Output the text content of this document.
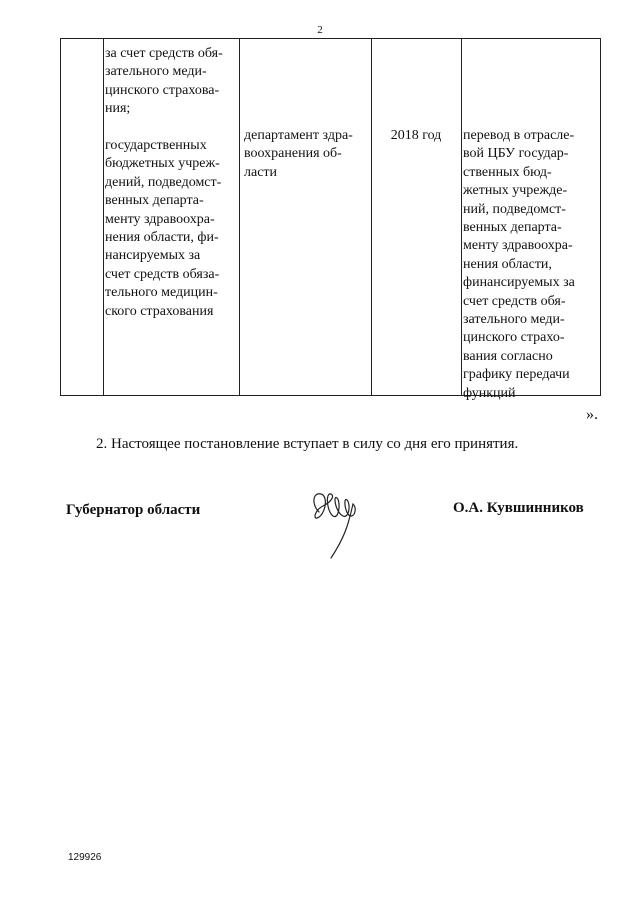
2
за счет средств обя-
зательного меди-
цинского страхова-
ния;

государственных
бюджетных учреж-
дений, подведомст-
венных департа-
менту здравоохра-
нения области, фи-
нансируемых за
счет средств обяза-
тельного медицин-
ского страхования
департамент здра-
воохранения об-
ласти
2018 год	перевод в отрасле-
вой ЦБУ государ-
ственных бюд-
жетных учрежде-
ний, подведомст-
венных департа-
менту здравоохра-
нения области,
финансируемых за
счет средств обя-
зательного меди-
цинского страхо-
вания согласно
графику передачи
функций
».
2. Настоящее постановление вступает в силу со дня его принятия.
Губернатор области	О.А. Кувшинников
129926
